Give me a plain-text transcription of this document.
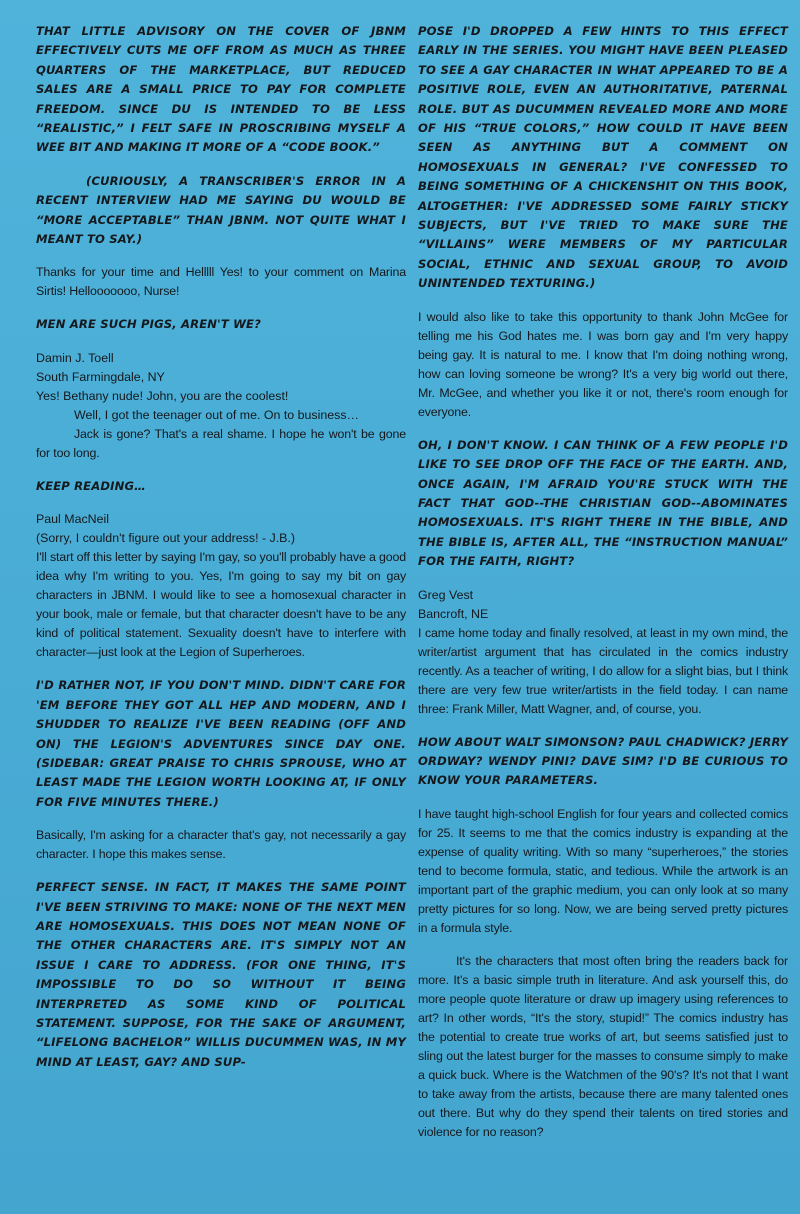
THAT LITTLE ADVISORY ON THE COVER OF JBNM EFFECTIVELY CUTS ME OFF FROM AS MUCH AS THREE QUARTERS OF THE MARKETPLACE, BUT REDUCED SALES ARE A SMALL PRICE TO PAY FOR COMPLETE FREEDOM. SINCE DU IS INTENDED TO BE LESS “REALISTIC,” I FELT SAFE IN PROSCRIBING MYSELF A WEE BIT AND MAKING IT MORE OF A “CODE BOOK.”

(CURIOUSLY, A TRANSCRIBER'S ERROR IN A RECENT INTERVIEW HAD ME SAYING DU WOULD BE “MORE ACCEPTABLE” THAN JBNM. NOT QUITE WHAT I MEANT TO SAY.)

Thanks for your time and Helllll Yes! to your comment on Marina Sirtis! Hellooooooo, Nurse!

MEN ARE SUCH PIGS, AREN'T WE?

Damin J. Toell

South Farmingdale, NY

Yes! Bethany nude! John, you are the coolest!

Well, I got the teenager out of me. On to business…

Jack is gone? That's a real shame. I hope he won't be gone for too long.

KEEP READING…

Paul MacNeil

(Sorry, I couldn't figure out your address! - J.B.)

I'll start off this letter by saying I'm gay, so you'll probably have a good idea why I'm writing to you. Yes, I'm going to say my bit on gay characters in JBNM. I would like to see a homosexual character in your book, male or female, but that character doesn't have to be any kind of political statement. Sexuality doesn't have to interfere with character—just look at the Legion of Superheroes.

I'D RATHER NOT, IF YOU DON'T MIND. DIDN'T CARE FOR 'EM BEFORE THEY GOT ALL HEP AND MODERN, AND I SHUDDER TO REALIZE I'VE BEEN READING (OFF AND ON) THE LEGION'S ADVENTURES SINCE DAY ONE. (SIDEBAR: GREAT PRAISE TO CHRIS SPROUSE, WHO AT LEAST MADE THE LEGION WORTH LOOKING AT, IF ONLY FOR FIVE MINUTES THERE.)

Basically, I'm asking for a character that's gay, not necessarily a gay character. I hope this makes sense.

PERFECT SENSE. IN FACT, IT MAKES THE SAME POINT I'VE BEEN STRIVING TO MAKE: NONE OF THE NEXT MEN ARE HOMOSEXUALS. THIS DOES NOT MEAN NONE OF THE OTHER CHARACTERS ARE. IT'S SIMPLY NOT AN ISSUE I CARE TO ADDRESS. (FOR ONE THING, IT'S IMPOSSIBLE TO DO SO WITHOUT IT BEING INTERPRETED AS SOME KIND OF POLITICAL STATEMENT. SUPPOSE, FOR THE SAKE OF ARGUMENT, “LIFELONG BACHELOR” WILLIS DUCUMMEN WAS, IN MY MIND AT LEAST, GAY? AND SUP-

POSE I'D DROPPED A FEW HINTS TO THIS EFFECT EARLY IN THE SERIES. YOU MIGHT HAVE BEEN PLEASED TO SEE A GAY CHARACTER IN WHAT APPEARED TO BE A POSITIVE ROLE, EVEN AN AUTHORITATIVE, PATERNAL ROLE. BUT AS DUCUMMEN REVEALED MORE AND MORE OF HIS “TRUE COLORS,” HOW COULD IT HAVE BEEN SEEN AS ANYTHING BUT A COMMENT ON HOMOSEXUALS IN GENERAL? I'VE CONFESSED TO BEING SOMETHING OF A CHICKENSHIT ON THIS BOOK, ALTOGETHER: I'VE ADDRESSED SOME FAIRLY STICKY SUBJECTS, BUT I'VE TRIED TO MAKE SURE THE “VILLAINS” WERE MEMBERS OF MY PARTICULAR SOCIAL, ETHNIC AND SEXUAL GROUP, TO AVOID UNINTENDED TEXTURING.)

I would also like to take this opportunity to thank John McGee for telling me his God hates me. I was born gay and I'm very happy being gay. It is natural to me. I know that I'm doing nothing wrong, how can loving someone be wrong? It's a very big world out there, Mr. McGee, and whether you like it or not, there's room enough for everyone.

OH, I DON'T KNOW. I CAN THINK OF A FEW PEOPLE I'D LIKE TO SEE DROP OFF THE FACE OF THE EARTH. AND, ONCE AGAIN, I'M AFRAID YOU'RE STUCK WITH THE FACT THAT GOD--THE CHRISTIAN GOD--ABOMINATES HOMOSEXUALS. IT'S RIGHT THERE IN THE BIBLE, AND THE BIBLE IS, AFTER ALL, THE “INSTRUCTION MANUAL” FOR THE FAITH, RIGHT?

Greg Vest

Bancroft, NE

I came home today and finally resolved, at least in my own mind, the writer/artist argument that has circulated in the comics industry recently. As a teacher of writing, I do allow for a slight bias, but I think there are very few true writer/artists in the field today. I can name three: Frank Miller, Matt Wagner, and, of course, you.

HOW ABOUT WALT SIMONSON? PAUL CHADWICK? JERRY ORDWAY? WENDY PINI? DAVE SIM? I'D BE CURIOUS TO KNOW YOUR PARAMETERS.

I have taught high-school English for four years and collected comics for 25. It seems to me that the comics industry is expanding at the expense of quality writing. With so many “superheroes,” the stories tend to become formula, static, and tedious. While the artwork is an important part of the graphic medium, you can only look at so many pretty pictures for so long. Now, we are being served pretty pictures in a formula style.

It's the characters that most often bring the readers back for more. It's a basic simple truth in literature. And ask yourself this, do more people quote literature or draw up imagery using references to art? In other words, “It's the story, stupid!” The comics industry has the potential to create true works of art, but seems satisfied just to sling out the latest burger for the masses to consume simply to make a quick buck. Where is the Watchmen of the 90's? It's not that I want to take away from the artists, because there are many talented ones out there. But why do they spend their talents on tired stories and violence for no reason?
